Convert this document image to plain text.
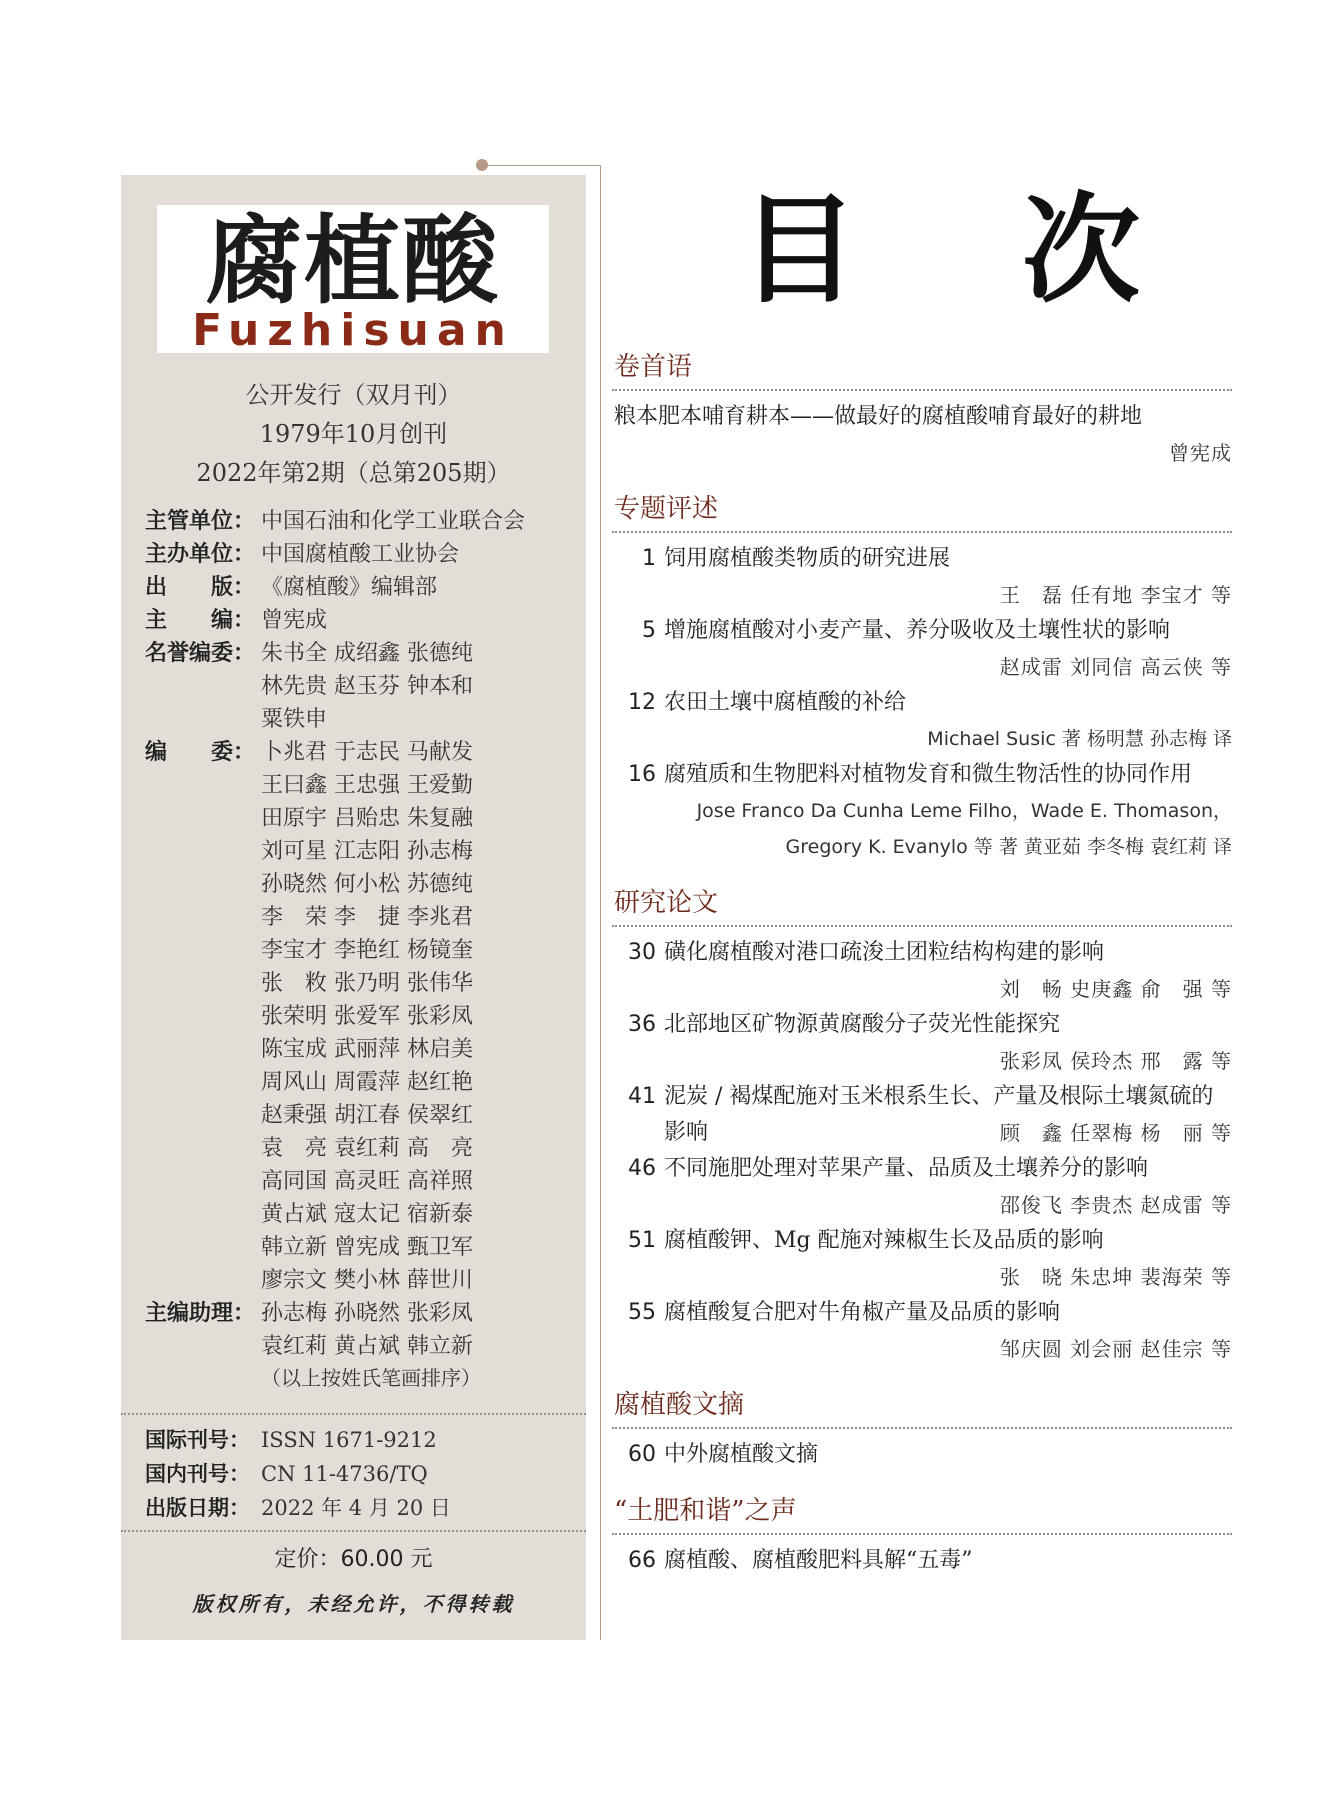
腐植酸
Fuzhisuan
公开发行（双月刊）
1979年10月创刊
2022年第2期（总第205期）
主管单位： 中国石油和化学工业联合会
主办单位： 中国腐植酸工业协会
出　　版： 《腐植酸》编辑部
主　　编： 曾宪成
名誉编委： 朱书全 成绍鑫 张德纯
林先贵 赵玉芬 钟本和
粟铁申
编　　委： 卜兆君 于志民 马献发
王曰鑫 王忠强 王爱勤
田原宇 吕贻忠 朱复融
刘可星 江志阳 孙志梅
孙晓然 何小松 苏德纯
李　荣 李　捷 李兆君
李宝才 李艳红 杨镜奎
张　敉 张乃明 张伟华
张荣明 张爱军 张彩凤
陈宝成 武丽萍 林启美
周风山 周霞萍 赵红艳
赵秉强 胡江春 侯翠红
袁　亮 袁红莉 高　亮
高同国 高灵旺 高祥照
黄占斌 寇太记 宿新泰
韩立新 曾宪成 甄卫军
廖宗文 樊小林 薛世川
主编助理： 孙志梅 孙晓然 张彩凤
袁红莉 黄占斌 韩立新
（以上按姓氏笔画排序）
国际刊号： ISSN 1671-9212
国内刊号： CN 11-4736/TQ
出版日期： 2022 年 4 月 20 日
定价：60.00 元
版权所有，未经允许，不得转载
目 次
卷首语
粮本肥本哺育耕本——做最好的腐植酸哺育最好的耕地
曾宪成
专题评述
1 饲用腐植酸类物质的研究进展
王　磊 任有地 李宝才 等
5 增施腐植酸对小麦产量、养分吸收及土壤性状的影响
赵成雷 刘同信 高云侠 等
12 农田土壤中腐植酸的补给
Michael Susic 著 杨明慧 孙志梅 译
16 腐殖质和生物肥料对植物发育和微生物活性的协同作用
Jose Franco Da Cunha Leme Filho，Wade E. Thomason，
Gregory K. Evanylo 等 著 黄亚茹 李冬梅 袁红莉 译
研究论文
30 磺化腐植酸对港口疏浚土团粒结构构建的影响
刘　畅 史庚鑫 俞　强 等
36 北部地区矿物源黄腐酸分子荧光性能探究
张彩凤 侯玲杰 邢　露 等
41 泥炭 / 褐煤配施对玉米根系生长、产量及根际土壤氮硫的
影响	顾　鑫 任翠梅 杨　丽 等
46 不同施肥处理对苹果产量、品质及土壤养分的影响
邵俊飞 李贵杰 赵成雷 等
51 腐植酸钾、Mg 配施对辣椒生长及品质的影响
张　晓 朱忠坤 裴海荣 等
55 腐植酸复合肥对牛角椒产量及品质的影响
邹庆圆 刘会丽 赵佳宗 等
腐植酸文摘
60 中外腐植酸文摘
“土肥和谐”之声
66 腐植酸、腐植酸肥料具解“五毒”
